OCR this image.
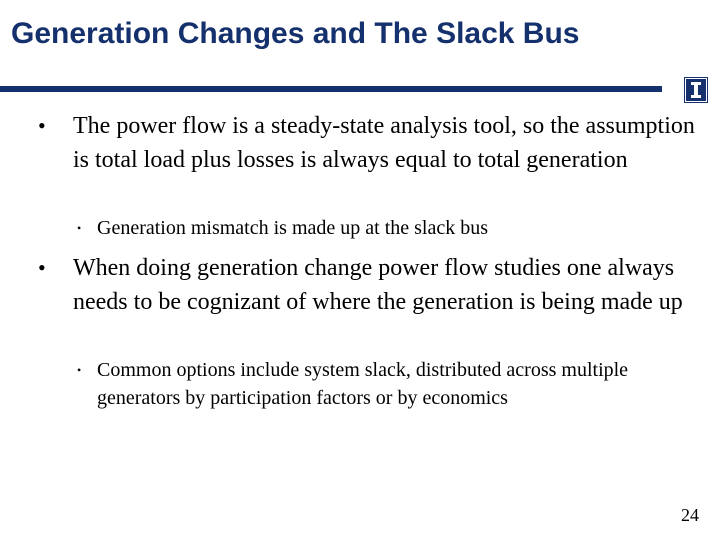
Generation Changes and The Slack Bus
• The power flow is a steady-state analysis tool, so the assumption is total load plus losses is always equal to total generation

• Generation mismatch is made up at the slack bus

• When doing generation change power flow studies one always needs to be cognizant of where the generation is being made up

• Common options include system slack, distributed across multiple generators by participation factors or by economics

24
